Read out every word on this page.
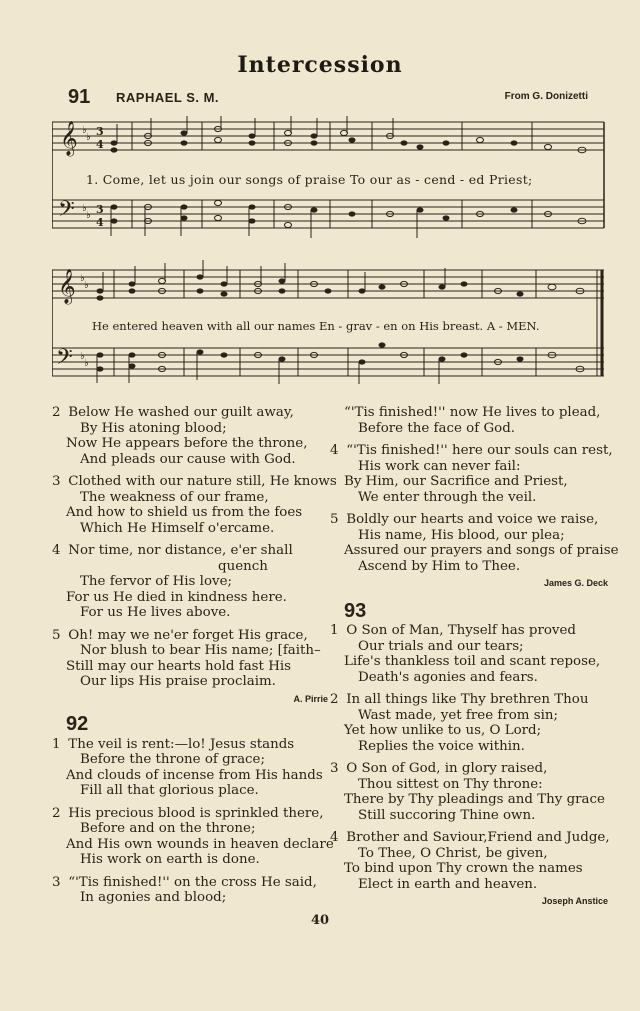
Intercession
91 RAPHAEL S. M.	From G. Donizetti
𝄞
𝄢
♭
♭
♭
♭
3
4
3
4
1. Come, let us join our songs of praise To our as - cend - ed Priest;
𝄞
𝄢
♭
♭
♭
♭
He entered heaven with all our names En - grav - en on His breast. A - MEN.
2 Below He washed our guilt away,
By His atoning blood;
Now He appears before the throne,
And pleads our cause with God.
3 Clothed with our nature still, He knows
The weakness of our frame,
And how to shield us from the foes
Which He Himself o'ercame.
4 Nor time, nor distance, e'er shall
quench
The fervor of His love;
For us He died in kindness here.
For us He lives above.
5 Oh! may we ne'er forget His grace,
Nor blush to bear His name; [faith–
Still may our hearts hold fast His
Our lips His praise proclaim.
A. Pirrie
92
1 The veil is rent:—lo! Jesus stands
Before the throne of grace;
And clouds of incense from His hands
Fill all that glorious place.
2 His precious blood is sprinkled there,
Before and on the throne;
And His own wounds in heaven declare
His work on earth is done.
3 “'Tis finished!'' on the cross He said,
In agonies and blood;
“'Tis finished!'' now He lives to plead,
Before the face of God.
4 “'Tis finished!'' here our souls can rest,
His work can never fail:
By Him, our Sacrifice and Priest,
We enter through the veil.
5 Boldly our hearts and voice we raise,
His name, His blood, our plea;
Assured our prayers and songs of praise
Ascend by Him to Thee.
James G. Deck
93
1 O Son of Man, Thyself has proved
Our trials and our tears;
Life's thankless toil and scant repose,
Death's agonies and fears.
2 In all things like Thy brethren Thou
Wast made, yet free from sin;
Yet how unlike to us, O Lord;
Replies the voice within.
3 O Son of God, in glory raised,
Thou sittest on Thy throne:
There by Thy pleadings and Thy grace
Still succoring Thine own.
4 Brother and Saviour,Friend and Judge,
To Thee, O Christ, be given,
To bind upon Thy crown the names
Elect in earth and heaven.
Joseph Anstice
40
